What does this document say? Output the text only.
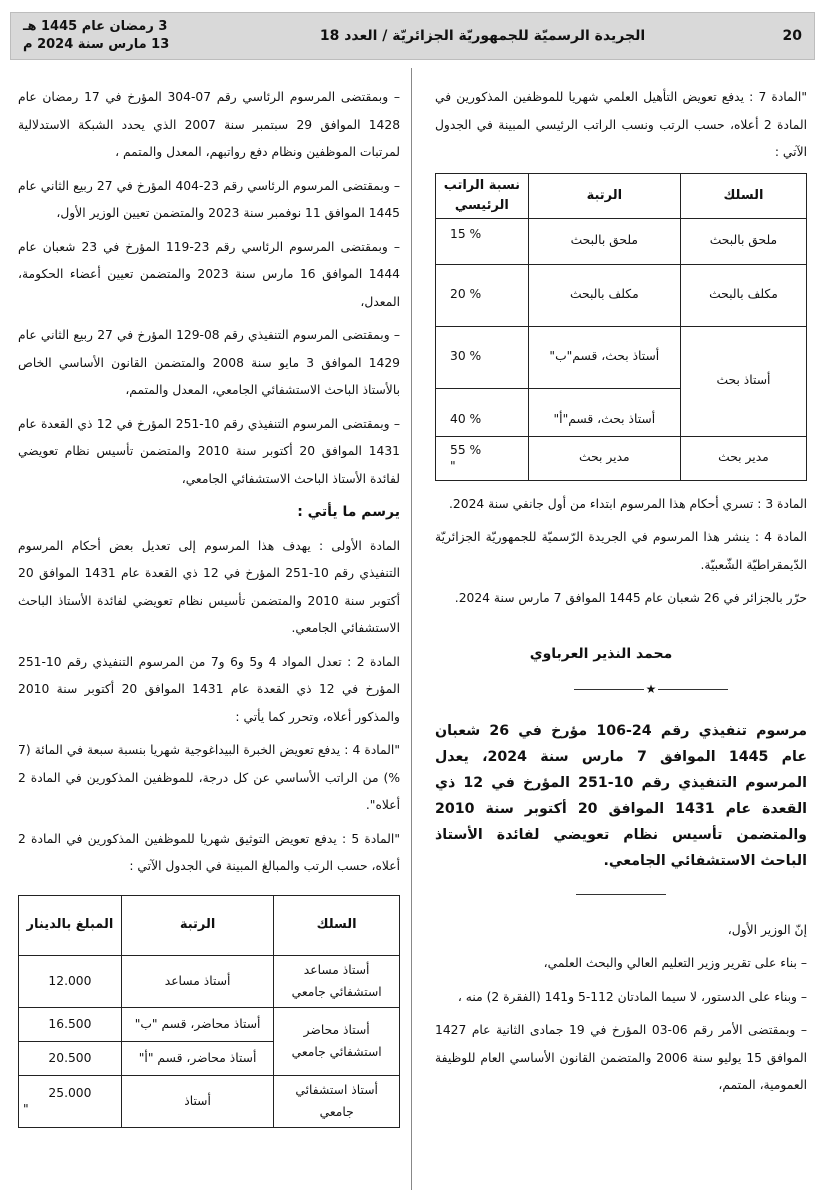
20
الجريدة الرسميّة للجمهوريّة الجزائريّة / العدد 18
3 رمضان عام 1445 هـ
13 مارس سنة 2024 م

"المادة 7 : يدفع تعويض التأهيل العلمي شهريا للموظفين المذكورين في المادة 2 أعلاه، حسب الرتب ونسب الراتب الرئيسي المبينة في الجدول الآتي :

السلك	الرتبة	نسبة الراتب الرئيسي
ملحق بالبحث	ملحق بالبحث	15 %
مكلف بالبحث	مكلف بالبحث	20 %
أستاذ بحث	أستاذ بحث، قسم"ب"	30 %
	أستاذ بحث، قسم"أ"	40 %
مدير بحث	مدير بحث	55 %
"

المادة 3 : تسري أحكام هذا المرسوم ابتداء من أول جانفي سنة 2024.

المادة 4 : ينشر هذا المرسوم في الجريدة الرّسميّة للجمهوريّة الجزائريّة الدّيمقراطيّة الشّعبيّة.

حرّر بالجزائر في 26 شعبان عام 1445 الموافق 7 مارس سنة 2024.

محمد النذير العرباوي
★
مرسوم تنفيذي رقم 24-106 مؤرخ في 26 شعبان عام 1445 الموافق 7 مارس سنة 2024، يعدل المرسوم التنفيذي رقم 10-251 المؤرخ في 12 ذي القعدة عام 1431 الموافق 20 أكتوبر سنة 2010 والمتضمن تأسيس نظام تعويضي لفائدة الأستاذ الباحث الاستشفائي الجامعي.

إنّ الوزير الأول،

– بناء على تقرير وزير التعليم العالي والبحث العلمي،

– وبناء على الدستور، لا سيما المادتان 112-5 و141 (الفقرة 2) منه ،

– وبمقتضى الأمر رقم 06-03 المؤرخ في 19 جمادى الثانية عام 1427 الموافق 15 يوليو سنة 2006 والمتضمن القانون الأساسي العام للوظيفة العمومية، المتمم،

– وبمقتضى المرسوم الرئاسي رقم 07-304 المؤرخ في 17 رمضان عام 1428 الموافق 29 سبتمبر سنة 2007 الذي يحدد الشبكة الاستدلالية لمرتبات الموظفين ونظام دفع رواتبهم، المعدل والمتمم ،

– وبمقتضى المرسوم الرئاسي رقم 23-404 المؤرخ في 27 ربيع الثاني عام 1445 الموافق 11 نوفمبر سنة 2023 والمتضمن تعيين الوزير الأول،

– وبمقتضى المرسوم الرئاسي رقم 23-119 المؤرخ في 23 شعبان عام 1444 الموافق 16 مارس سنة 2023 والمتضمن تعيين أعضاء الحكومة، المعدل،

– وبمقتضى المرسوم التنفيذي رقم 08-129 المؤرخ في 27 ربيع الثاني عام 1429 الموافق 3 مايو سنة 2008 والمتضمن القانون الأساسي الخاص بالأستاذ الباحث الاستشفائي الجامعي، المعدل والمتمم،

– وبمقتضى المرسوم التنفيذي رقم 10-251 المؤرخ في 12 ذي القعدة عام 1431 الموافق 20 أكتوبر سنة 2010 والمتضمن تأسيس نظام تعويضي لفائدة الأستاذ الباحث الاستشفائي الجامعي،

يرسم ما يأتي :

المادة الأولى : يهدف هذا المرسوم إلى تعديل بعض أحكام المرسوم التنفيذي رقم 10-251 المؤرخ في 12 ذي القعدة عام 1431 الموافق 20 أكتوبر سنة 2010 والمتضمن تأسيس نظام تعويضي لفائدة الأستاذ الباحث الاستشفائي الجامعي.

المادة 2 : تعدل المواد 4 و5 و6 و7 من المرسوم التنفيذي رقم 10-251 المؤرخ في 12 ذي القعدة عام 1431 الموافق 20 أكتوبر سنة 2010 والمذكور أعلاه، وتحرر كما يأتي :

"المادة 4 : يدفع تعويض الخبرة البيداغوجية شهريا بنسبة سبعة في المائة (7 %) من الراتب الأساسي عن كل درجة، للموظفين المذكورين في المادة 2 أعلاه".

"المادة 5 : يدفع تعويض التوثيق شهريا للموظفين المذكورين في المادة 2 أعلاه، حسب الرتب والمبالغ المبينة في الجدول الآتي :

السلك	الرتبة	المبلغ بالدينار
أستاذ مساعد استشفائي جامعي	أستاذ مساعد	12.000
أستاذ محاضر استشفائي جامعي	أستاذ محاضر، قسم "ب"	16.500
	أستاذ محاضر، قسم "أ"	20.500
أستاذ استشفائي جامعي	أستاذ	25.000
"
